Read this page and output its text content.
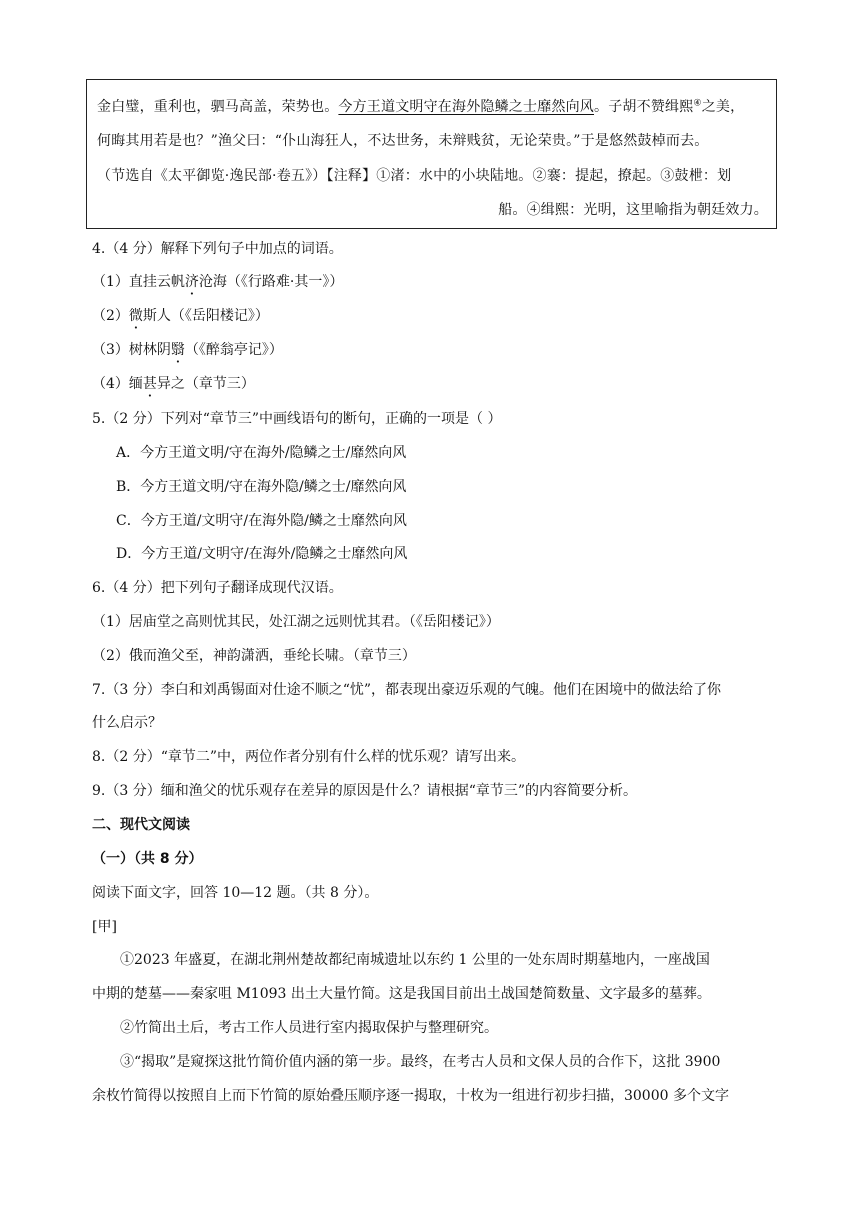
金白璧，重利也，驷马高盖，荣势也。今方王道文明守在海外隐鳞之士靡然向风。子胡不赞缉熙④之美，
何晦其用若是也？”渔父曰：“仆山海狂人，不达世务，未辩贱贫，无论荣贵。”于是悠然鼓棹而去。
（节选自《太平御览·逸民部·卷五》）【注释】①渚：水中的小块陆地。②褰：提起，撩起。③鼓枻：划
船。④缉熙：光明，这里喻指为朝廷效力。
4.（4 分）解释下列句子中加点的词语。
（1）直挂云帆济沧海（《行路难·其一》）
（2）微斯人（《岳阳楼记》）
（3）树林阴翳（《醉翁亭记》）
（4）缅甚异之（章节三）
5.（2 分）下列对“章节三”中画线语句的断句，正确的一项是（ ）
A．今方王道文明/守在海外/隐鳞之士/靡然向风
B．今方王道文明/守在海外隐/鳞之士/靡然向风
C．今方王道/文明守/在海外隐/鳞之士靡然向风
D．今方王道/文明守/在海外/隐鳞之士靡然向风
6.（4 分）把下列句子翻译成现代汉语。
（1）居庙堂之高则忧其民，处江湖之远则忧其君。（《岳阳楼记》）
（2）俄而渔父至，神韵潇洒，垂纶长啸。（章节三）
7.（3 分）李白和刘禹锡面对仕途不顺之“忧”，都表现出豪迈乐观的气魄。他们在困境中的做法给了你
什么启示？
8.（2 分）“章节二”中，两位作者分别有什么样的忧乐观？请写出来。
9.（3 分）缅和渔父的忧乐观存在差异的原因是什么？请根据“章节三”的内容简要分析。
二、现代文阅读
（一）（共 8 分）
阅读下面文字，回答 10—12 题。（共 8 分）。
[甲]
①2023 年盛夏，在湖北荆州楚故都纪南城遗址以东约 1 公里的一处东周时期墓地内，一座战国
中期的楚墓——秦家咀 M1093 出土大量竹简。这是我国目前出土战国楚简数量、文字最多的墓葬。
②竹简出土后，考古工作人员进行室内揭取保护与整理研究。
③“揭取”是窥探这批竹简价值内涵的第一步。最终，在考古人员和文保人员的合作下，这批 3900
余枚竹简得以按照自上而下竹简的原始叠压顺序逐一揭取，十枚为一组进行初步扫描，30000 多个文字
